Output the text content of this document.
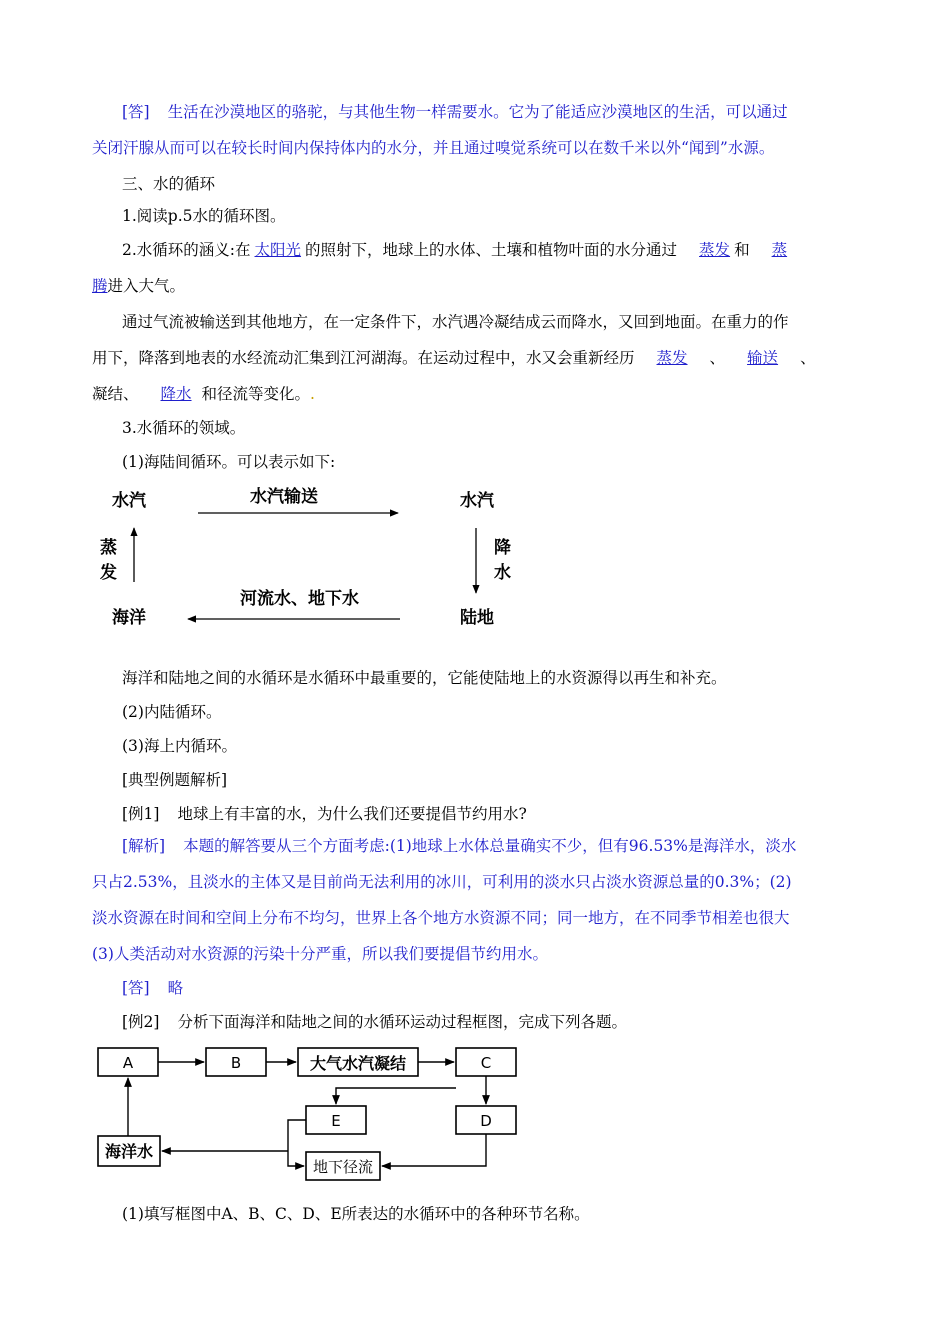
[答] 生活在沙漠地区的骆驼，与其他生物一样需要水。它为了能适应沙漠地区的生活，可以通过

关闭汗腺从而可以在较长时间内保持体内的水分，并且通过嗅觉系统可以在数千米以外“闻到”水源。

三、水的循环

1.阅读p.5水的循环图。

2.水循环的涵义:在 太阳光 的照射下，地球上的水体、土壤和植物叶面的水分通过 蒸发 和 蒸

腾进入大气。

通过气流被输送到其他地方，在一定条件下，水汽遇冷凝结成云而降水，又回到地面。在重力的作

用下，降落到地表的水经流动汇集到江河湖海。在运动过程中，水又会重新经历 蒸发 、 输送 、

凝结、 降水 和径流等变化。.

3.水循环的领域。

(1)海陆间循环。可以表示如下:

水汽	水汽
海洋	陆地
水汽输送
河流水、地下水
蒸
发
降
水

海洋和陆地之间的水循环是水循环中最重要的，它能使陆地上的水资源得以再生和补充。

(2)内陆循环。

(3)海上内循环。

[典型例题解析]

[例1] 地球上有丰富的水，为什么我们还要提倡节约用水?

[解析] 本题的解答要从三个方面考虑:(1)地球上水体总量确实不少，但有96.53%是海洋水，淡水

只占2.53%，且淡水的主体又是目前尚无法利用的冰川，可利用的淡水只占淡水资源总量的0.3%；(2)

淡水资源在时间和空间上分布不均匀，世界上各个地方水资源不同；同一地方，在不同季节相差也很大

(3)人类活动对水资源的污染十分严重，所以我们要提倡节约用水。

[答] 略

[例2] 分析下面海洋和陆地之间的水循环运动过程框图，完成下列各题。

A	B	大气水汽凝结	C
E	D
海洋水
地下径流

(1)填写框图中A、B、C、D、E所表达的水循环中的各种环节名称。
